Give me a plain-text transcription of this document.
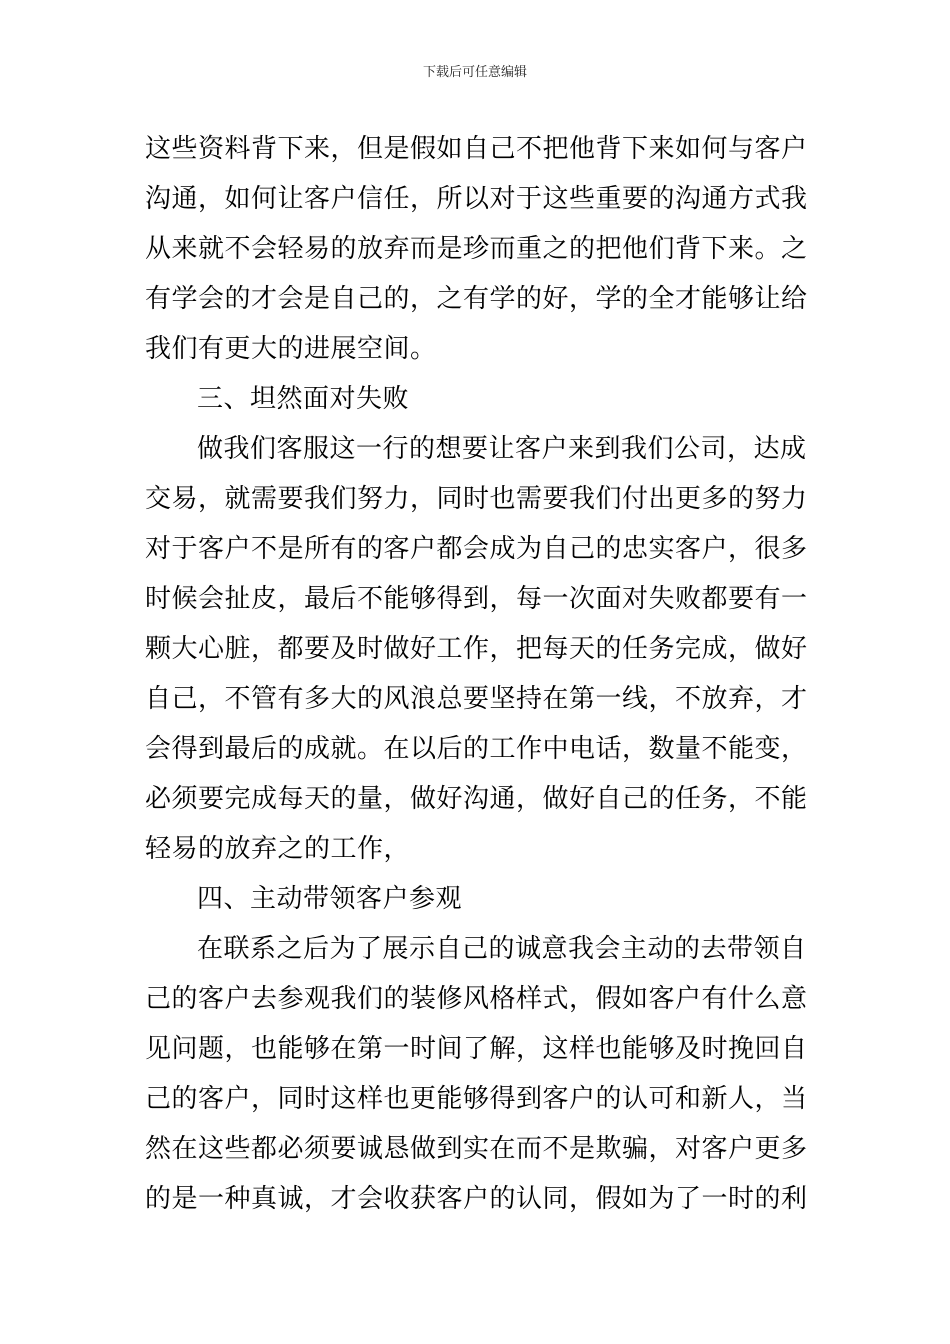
下载后可任意编辑
这些资料背下来，但是假如自己不把他背下来如何与客户
沟通，如何让客户信任，所以对于这些重要的沟通方式我
从来就不会轻易的放弃而是珍而重之的把他们背下来。之
有学会的才会是自己的，之有学的好，学的全才能够让给
我们有更大的进展空间。
三、坦然面对失败
做我们客服这一行的想要让客户来到我们公司，达成
交易，就需要我们努力，同时也需要我们付出更多的努力
对于客户不是所有的客户都会成为自己的忠实客户，很多
时候会扯皮，最后不能够得到，每一次面对失败都要有一
颗大心脏，都要及时做好工作，把每天的任务完成，做好
自己，不管有多大的风浪总要坚持在第一线，不放弃，才
会得到最后的成就。在以后的工作中电话，数量不能变，
必须要完成每天的量，做好沟通，做好自己的任务，不能
轻易的放弃之的工作，
四、主动带领客户参观
在联系之后为了展示自己的诚意我会主动的去带领自
己的客户去参观我们的装修风格样式，假如客户有什么意
见问题，也能够在第一时间了解，这样也能够及时挽回自
己的客户，同时这样也更能够得到客户的认可和新人，当
然在这些都必须要诚恳做到实在而不是欺骗，对客户更多
的是一种真诚，才会收获客户的认同，假如为了一时的利
